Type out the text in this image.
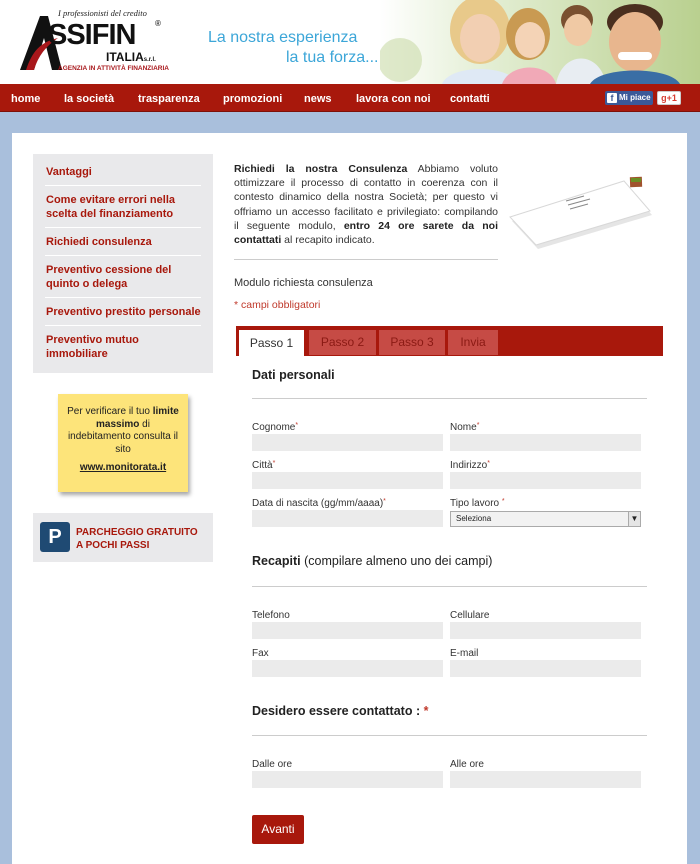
I professionisti del credito
SSIFIN ®
ITALIAs.r.l.
AGENZIA IN ATTIVITÀ FINANZIARIA
La nostra esperienza
la tua forza...
home la società trasparenza promozioni news lavora con noi contatti	f Mi piace	g+1
Vantaggi
Come evitare errori nella scelta del finanziamento
Richiedi consulenza
Preventivo cessione del quinto o delega
Preventivo prestito personale
Preventivo mutuo immobiliare
Per verificare il tuo limite massimo di indebitamento consulta il sito
www.monitorata.it
P	PARCHEGGIO GRATUITO A POCHI PASSI
Richiedi la nostra Consulenza Abbiamo voluto ottimizzare il processo di contatto in coerenza con il contesto dinamico della nostra Società; per questo vi offriamo un accesso facilitato e privilegiato: compilando il seguente modulo, entro 24 ore sarete da noi contattati al recapito indicato.
Modulo richiesta consulenza
* campi obbligatori
Passo 1	Passo 2	Passo 3	Invia
Dati personali
Cognome*	Nome*
Città*	Indirizzo*
Data di nascita (gg/mm/aaaa)*	Tipo lavoro *
Seleziona	▼
Recapiti (compilare almeno uno dei campi)
Telefono	Cellulare
Fax	E-mail
Desidero essere contattato : *
Dalle ore	Alle ore
Avanti
